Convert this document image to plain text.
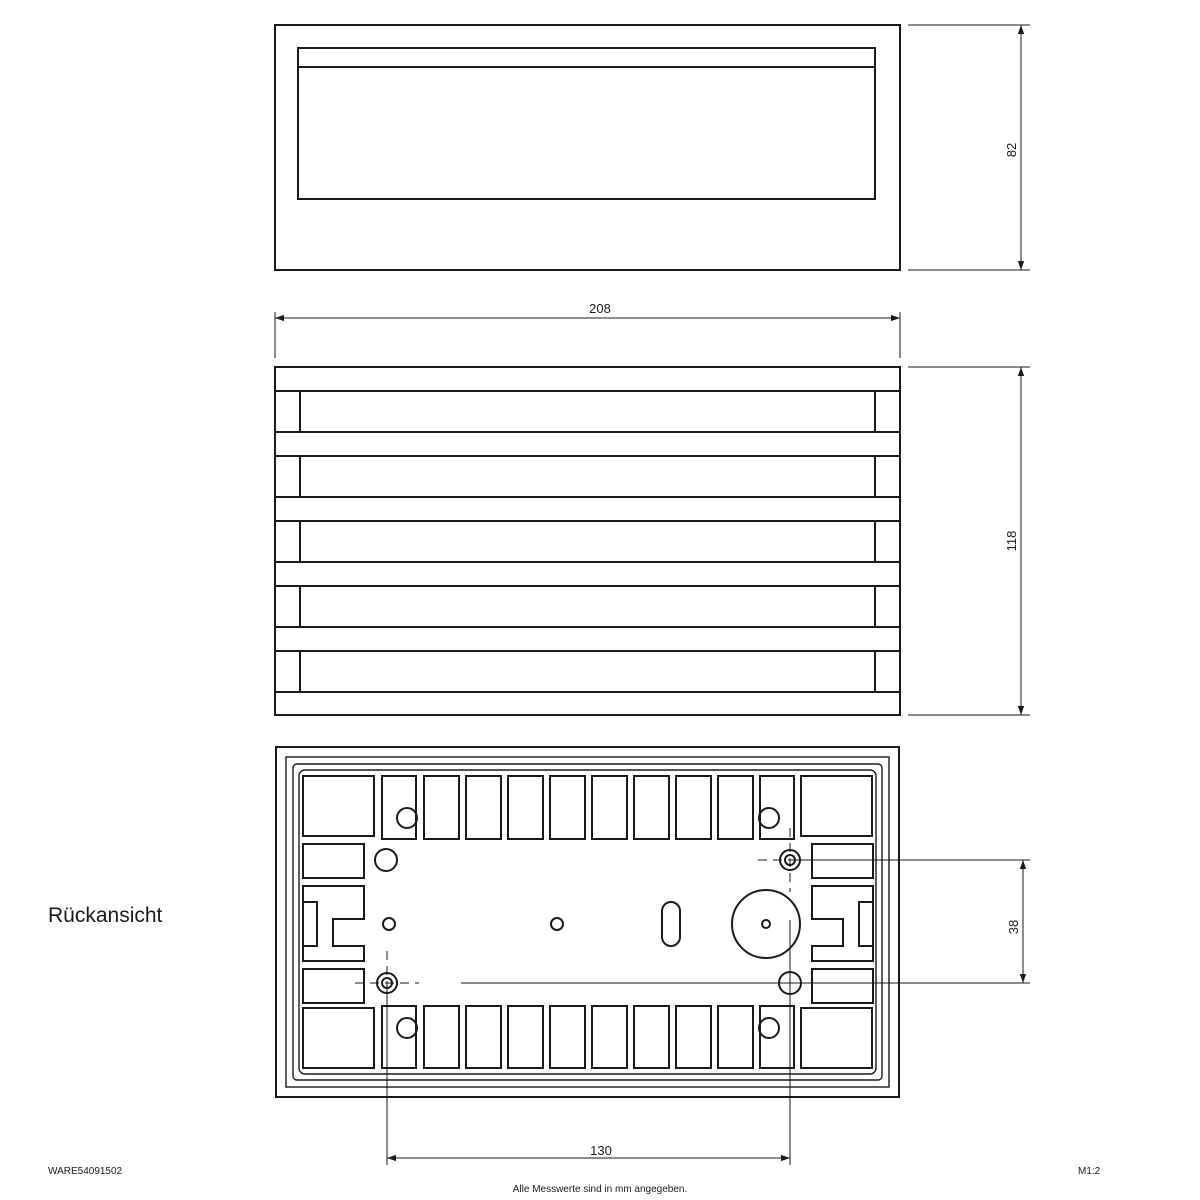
82
208
118
38
130
Rückansicht
WARE54091502	M1:2
Alle Messwerte sind in mm angegeben.
